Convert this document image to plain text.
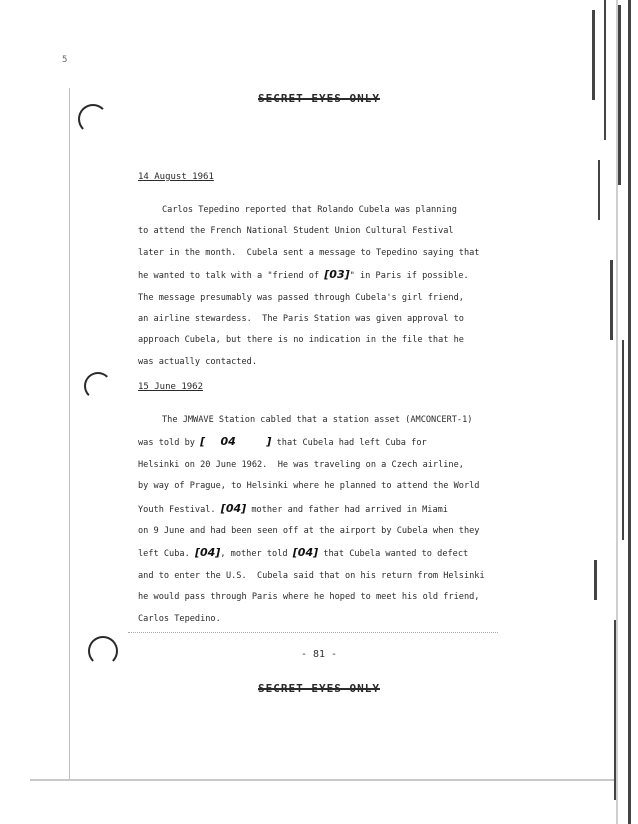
5
SECRET EYES ONLY
14 August 1961
Carlos Tepedino reported that Rolando Cubela was planning
to attend the French National Student Union Cultural Festival
later in the month.  Cubela sent a message to Tepedino saying that
he wanted to talk with a "friend of [03]" in Paris if possible.
The message presumably was passed through Cubela's girl friend,
an airline stewardess.  The Paris Station was given approval to
approach Cubela, but there is no indication in the file that he
was actually contacted.
15 June 1962
The JMWAVE Station cabled that a station asset (AMCONCERT-1)
was told by [    04        ] that Cubela had left Cuba for
Helsinki on 20 June 1962.  He was traveling on a Czech airline,
by way of Prague, to Helsinki where he planned to attend the World
Youth Festival. [04] mother and father had arrived in Miami
on 9 June and had been seen off at the airport by Cubela when they
left Cuba. [04], mother told [04] that Cubela wanted to defect
and to enter the U.S.  Cubela said that on his return from Helsinki
he would pass through Paris where he hoped to meet his old friend,
Carlos Tepedino.
- 81 -
SECRET EYES ONLY
